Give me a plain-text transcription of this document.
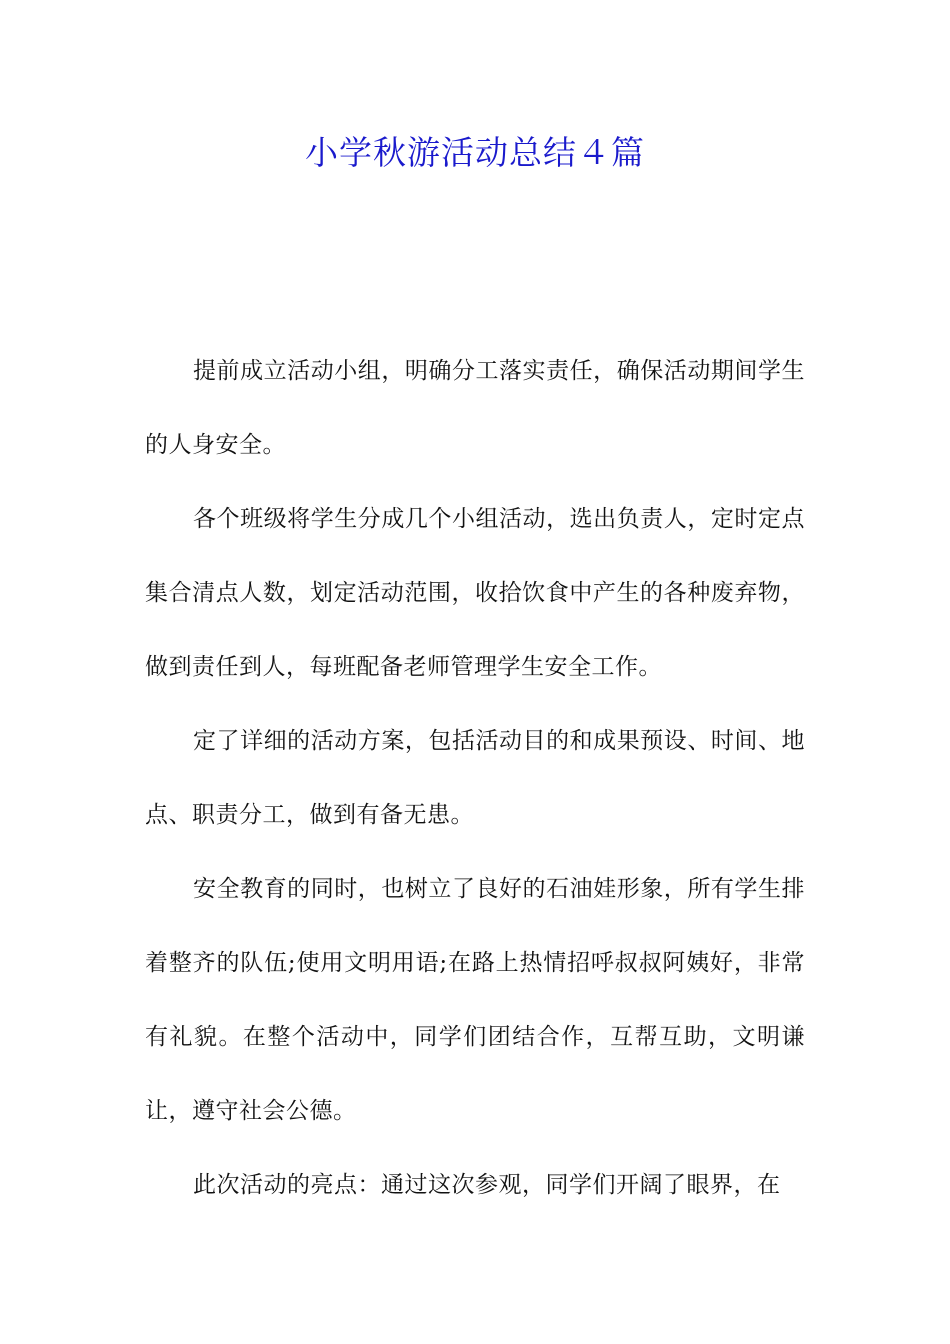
小学秋游活动总结４篇

提前成立活动小组，明确分工落实责任，确保活动期间学生的人身安全。

各个班级将学生分成几个小组活动，选出负责人，定时定点集合清点人数，划定活动范围，收拾饮食中产生的各种废弃物，做到责任到人，每班配备老师管理学生安全工作。

定了详细的活动方案，包括活动目的和成果预设、时间、地点、职责分工，做到有备无患。

安全教育的同时，也树立了良好的石油娃形象，所有学生排着整齐的队伍;使用文明用语;在路上热情招呼叔叔阿姨好，非常有礼貌。在整个活动中，同学们团结合作，互帮互助，文明谦让，遵守社会公德。

此次活动的亮点：通过这次参观，同学们开阔了眼界，在
